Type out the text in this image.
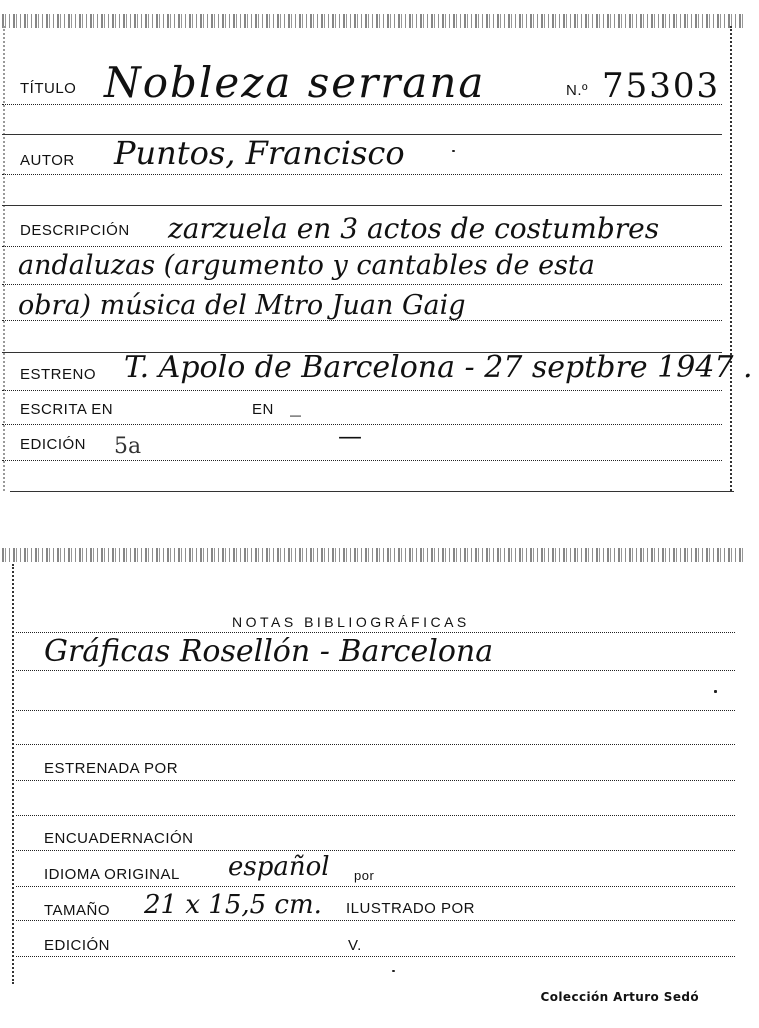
TÍTULO Nobleza serrana	N.º 75303
AUTOR Puntos, Francisco
DESCRIPCIÓN zarzuela en 3 actos de costumbres
andaluzas (argumento y cantables de esta
obra) música del Mtro Juan Gaig
ESTRENO T. Apolo de Barcelona - 27 septbre 1947 .
ESCRITA EN	EN _
EDICIÓN 5a	—
NOTAS BIBLIOGRÁFICAS
Gráficas Rosellón - Barcelona
ESTRENADA POR
ENCUADERNACIÓN
IDIOMA ORIGINAL español por
TAMAÑO 21 x 15,5 cm. ILUSTRADO POR
EDICIÓN	V.
Colección Arturo Sedó
